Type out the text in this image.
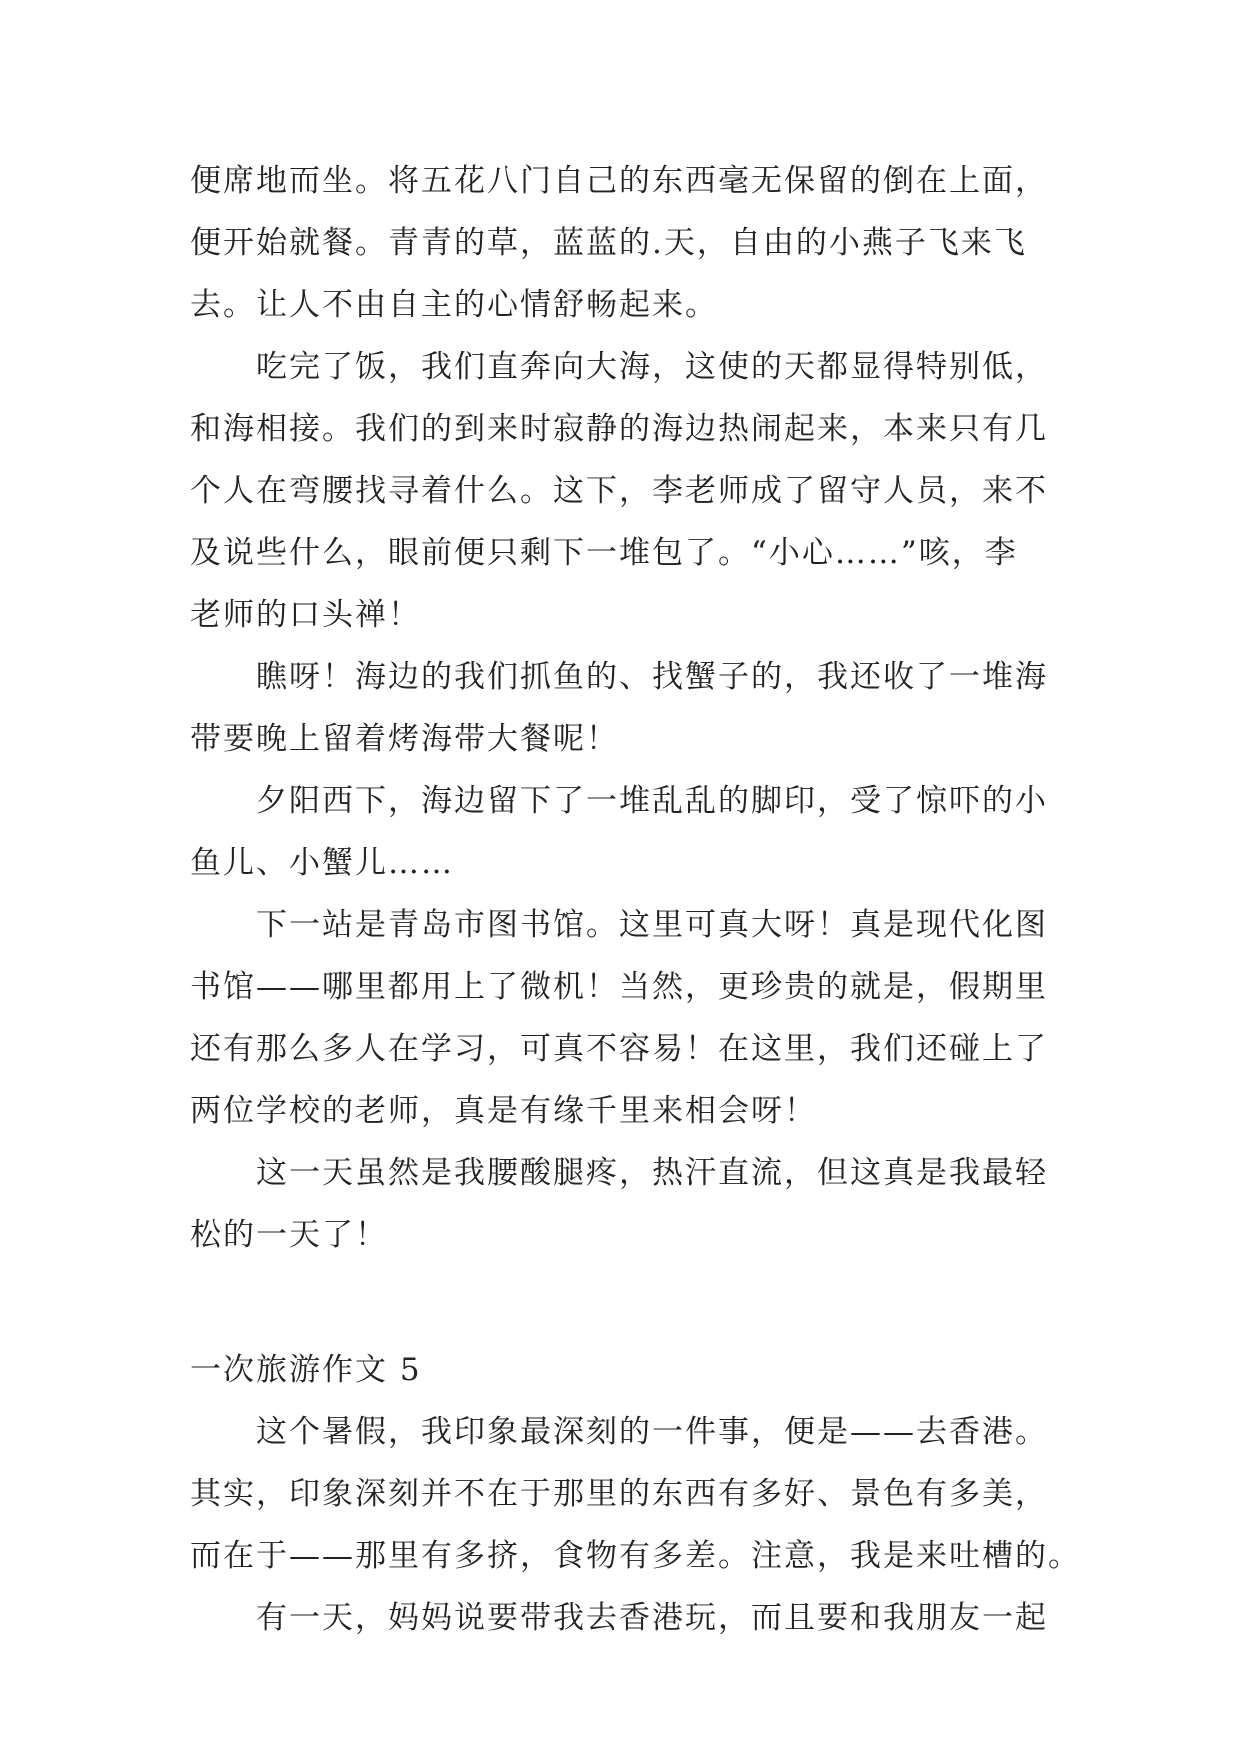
便席地而坐。将五花八门自己的东西毫无保留的倒在上面，
便开始就餐。青青的草，蓝蓝的.天，自由的小燕子飞来飞
去。让人不由自主的心情舒畅起来。
吃完了饭，我们直奔向大海，这使的天都显得特别低，
和海相接。我们的到来时寂静的海边热闹起来，本来只有几
个人在弯腰找寻着什么。这下，李老师成了留守人员，来不
及说些什么，眼前便只剩下一堆包了。“小心……”咳，李
老师的口头禅！
瞧呀！海边的我们抓鱼的、找蟹子的，我还收了一堆海
带要晚上留着烤海带大餐呢！
夕阳西下，海边留下了一堆乱乱的脚印，受了惊吓的小
鱼儿、小蟹儿……
下一站是青岛市图书馆。这里可真大呀！真是现代化图
书馆——哪里都用上了微机！当然，更珍贵的就是，假期里
还有那么多人在学习，可真不容易！在这里，我们还碰上了
两位学校的老师，真是有缘千里来相会呀！
这一天虽然是我腰酸腿疼，热汗直流，但这真是我最轻
松的一天了！
一次旅游作文 5
这个暑假，我印象最深刻的一件事，便是——去香港。
其实，印象深刻并不在于那里的东西有多好、景色有多美，
而在于——那里有多挤，食物有多差。注意，我是来吐槽的。
有一天，妈妈说要带我去香港玩，而且要和我朋友一起
